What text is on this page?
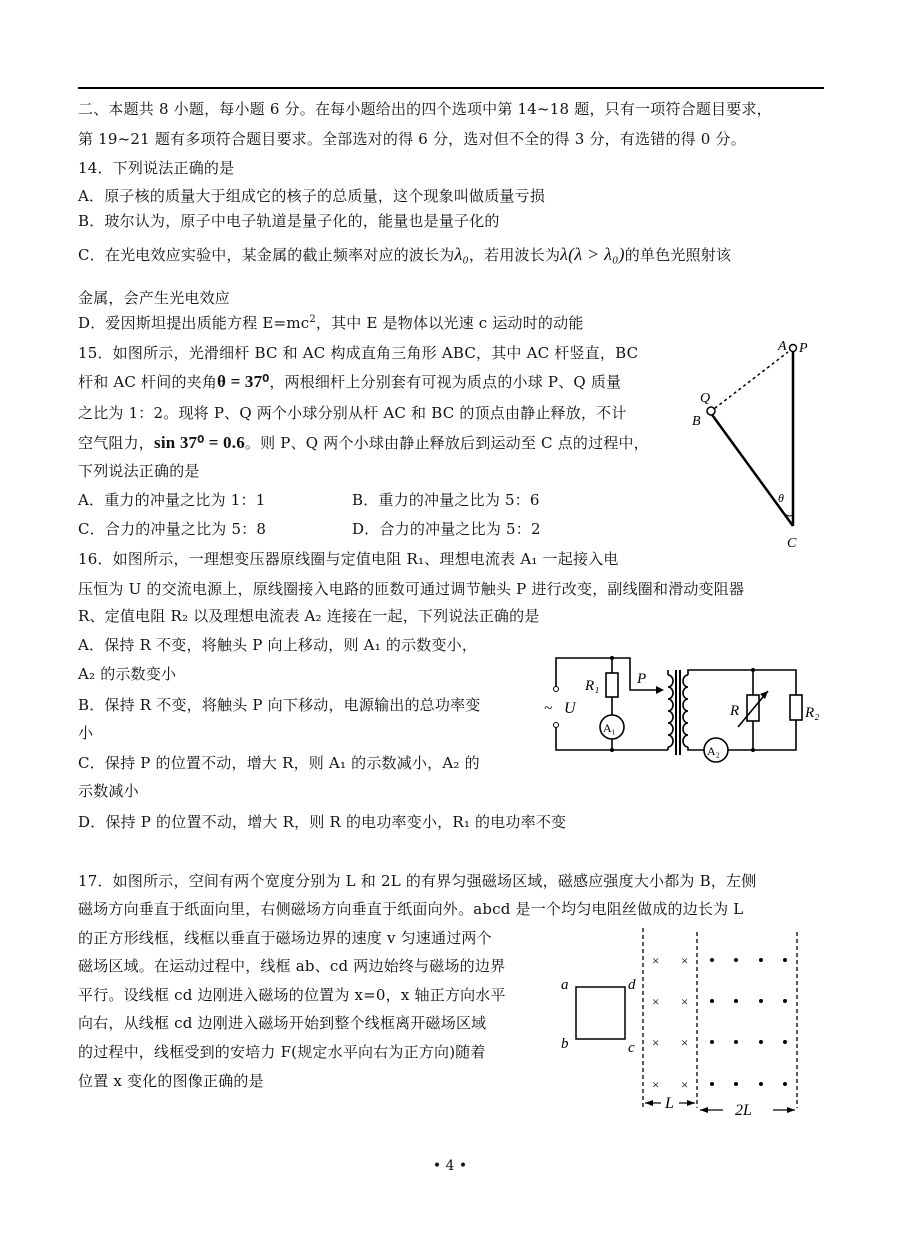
二、本题共 8 小题，每小题 6 分。在每小题给出的四个选项中第 14~18 题，只有一项符合题目要求，
第 19~21 题有多项符合题目要求。全部选对的得 6 分，选对但不全的得 3 分，有选错的得 0 分。
14．下列说法正确的是
A．原子核的质量大于组成它的核子的总质量，这个现象叫做质量亏损
B．玻尔认为，原子中电子轨道是量子化的，能量也是量子化的
C．在光电效应实验中，某金属的截止频率对应的波长为λ₀，若用波长为λ(λ > λ₀)的单色光照射该
金属，会产生光电效应
D．爱因斯坦提出质能方程 $E=mc^2$，其中 E 是物体以光速 c 运动时的动能
15．如图所示，光滑细杆 BC 和 AC 构成直角三角形 ABC，其中 AC 杆竖直，BC
杆和 AC 杆间的夹角θ = 37⁰，两根细杆上分别套有可视为质点的小球 P、Q 质量
之比为 1：2。现将 P、Q 两个小球分别从杆 AC 和 BC 的顶点由静止释放，不计
空气阻力，sin 37⁰ = 0.6。则 P、Q 两个小球由静止释放后到运动至 C 点的过程中，
下列说法正确的是
A．重力的冲量之比为 1：1	B．重力的冲量之比为 5：6
C．合力的冲量之比为 5：8	D．合力的冲量之比为 5：2
A P
Q
B
θ
C
16．如图所示，一理想变压器原线圈与定值电阻 R₁、理想电流表 A₁ 一起接入电
压恒为 U 的交流电源上，原线圈接入电路的匝数可通过调节触头 P 进行改变，副线圈和滑动变阻器
R、定值电阻 R₂ 以及理想电流表 A₂ 连接在一起，下列说法正确的是
A．保持 R 不变，将触头 P 向上移动，则 A₁ 的示数变小，
A₂ 的示数变小
B．保持 R 不变，将触头 P 向下移动，电源输出的总功率变
小
C．保持 P 的位置不动，增大 R，则 A₁ 的示数减小，A₂ 的
示数减小
D．保持 P 的位置不动，增大 R，则 R 的电功率变小，R₁ 的电功率不变
R₁	P
~ U
A₁
R	R₂
A₂
17．如图所示，空间有两个宽度分别为 L 和 2L 的有界匀强磁场区域，磁感应强度大小都为 B，左侧
磁场方向垂直于纸面向里，右侧磁场方向垂直于纸面向外。abcd 是一个均匀电阻丝做成的边长为 L
的正方形线框，线框以垂直于磁场边界的速度 v 匀速通过两个
磁场区域。在运动过程中，线框 ab、cd 两边始终与磁场的边界
平行。设线框 cd 边刚进入磁场的位置为 x=0，x 轴正方向水平
向右，从线框 cd 边刚进入磁场开始到整个线框离开磁场区域
的过程中，线框受到的安培力 F(规定水平向右为正方向)随着
位置 x 变化的图像正确的是
× ×
× ×
× ×
× ×
a	d
b	c
L	2L
• 4 •
